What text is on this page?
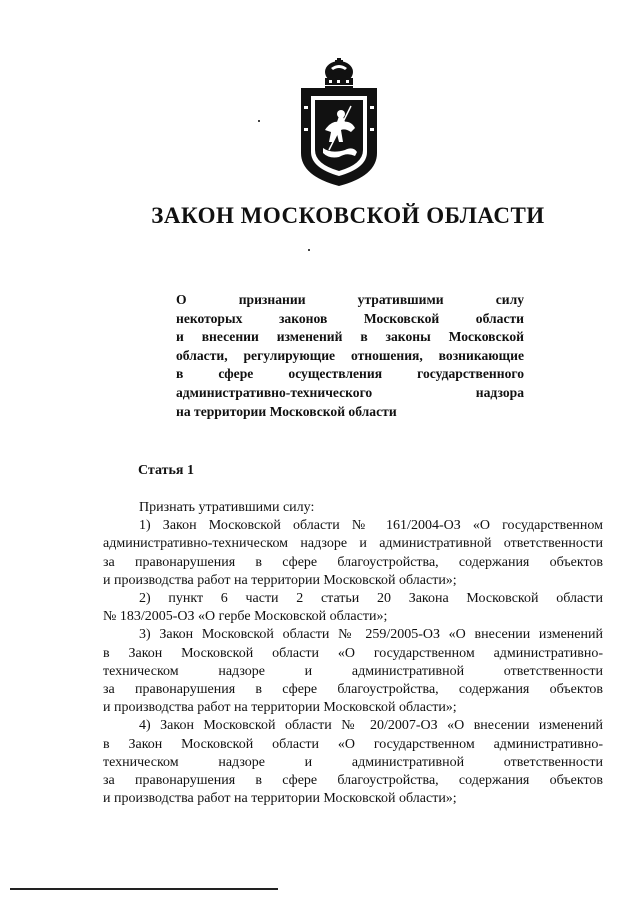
ЗАКОН МОСКОВСКОЙ ОБЛАСТИ
О признании утратившими силу
некоторых законов Московской области
и внесении изменений в законы Московской
области, регулирующие отношения, возникающие
в сфере осуществления государственного
административно-технического надзора
на территории Московской области
Статья 1
Признать утратившими силу:
1) Закон Московской области № 161/2004-ОЗ «О государственном
административно-техническом надзоре и административной ответственности
за правонарушения в сфере благоустройства, содержания объектов
и производства работ на территории Московской области»;
2) пункт 6 части 2 статьи 20 Закона Московской области
№ 183/2005-ОЗ «О гербе Московской области»;
3) Закон Московской области № 259/2005-ОЗ «О внесении изменений
в Закон Московской области «О государственном административно-
техническом надзоре и административной ответственности
за правонарушения в сфере благоустройства, содержания объектов
и производства работ на территории Московской области»;
4) Закон Московской области № 20/2007-ОЗ «О внесении изменений
в Закон Московской области «О государственном административно-
техническом надзоре и административной ответственности
за правонарушения в сфере благоустройства, содержания объектов
и производства работ на территории Московской области»;
